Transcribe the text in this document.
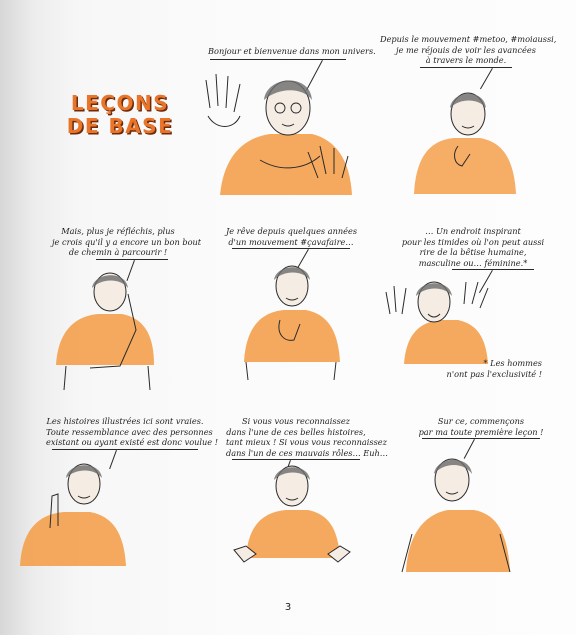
LEÇONS
DE BASE
Bonjour et bienvenue dans mon univers.
Depuis le mouvement #metoo, #moiaussi,
je me réjouis de voir les avancées
à travers le monde.
Mais, plus je réfléchis, plus
je crois qu'il y a encore un bon bout
de chemin à parcourir !
Je rêve depuis quelques années
d'un mouvement #çavafaire…
… Un endroit inspirant
pour les timides où l'on peut aussi
rire de la bêtise humaine,
masculine ou… féminine.*
* Les hommes
n'ont pas l'exclusivité !
Les histoires illustrées ici sont vraies.
Toute ressemblance avec des personnes
existant ou ayant existé est donc voulue !
Si vous vous reconnaissez
dans l'une de ces belles histoires,
tant mieux ! Si vous vous reconnaissez
dans l'un de ces mauvais rôles… Euh…
Sur ce, commençons
par ma toute première leçon !
3
